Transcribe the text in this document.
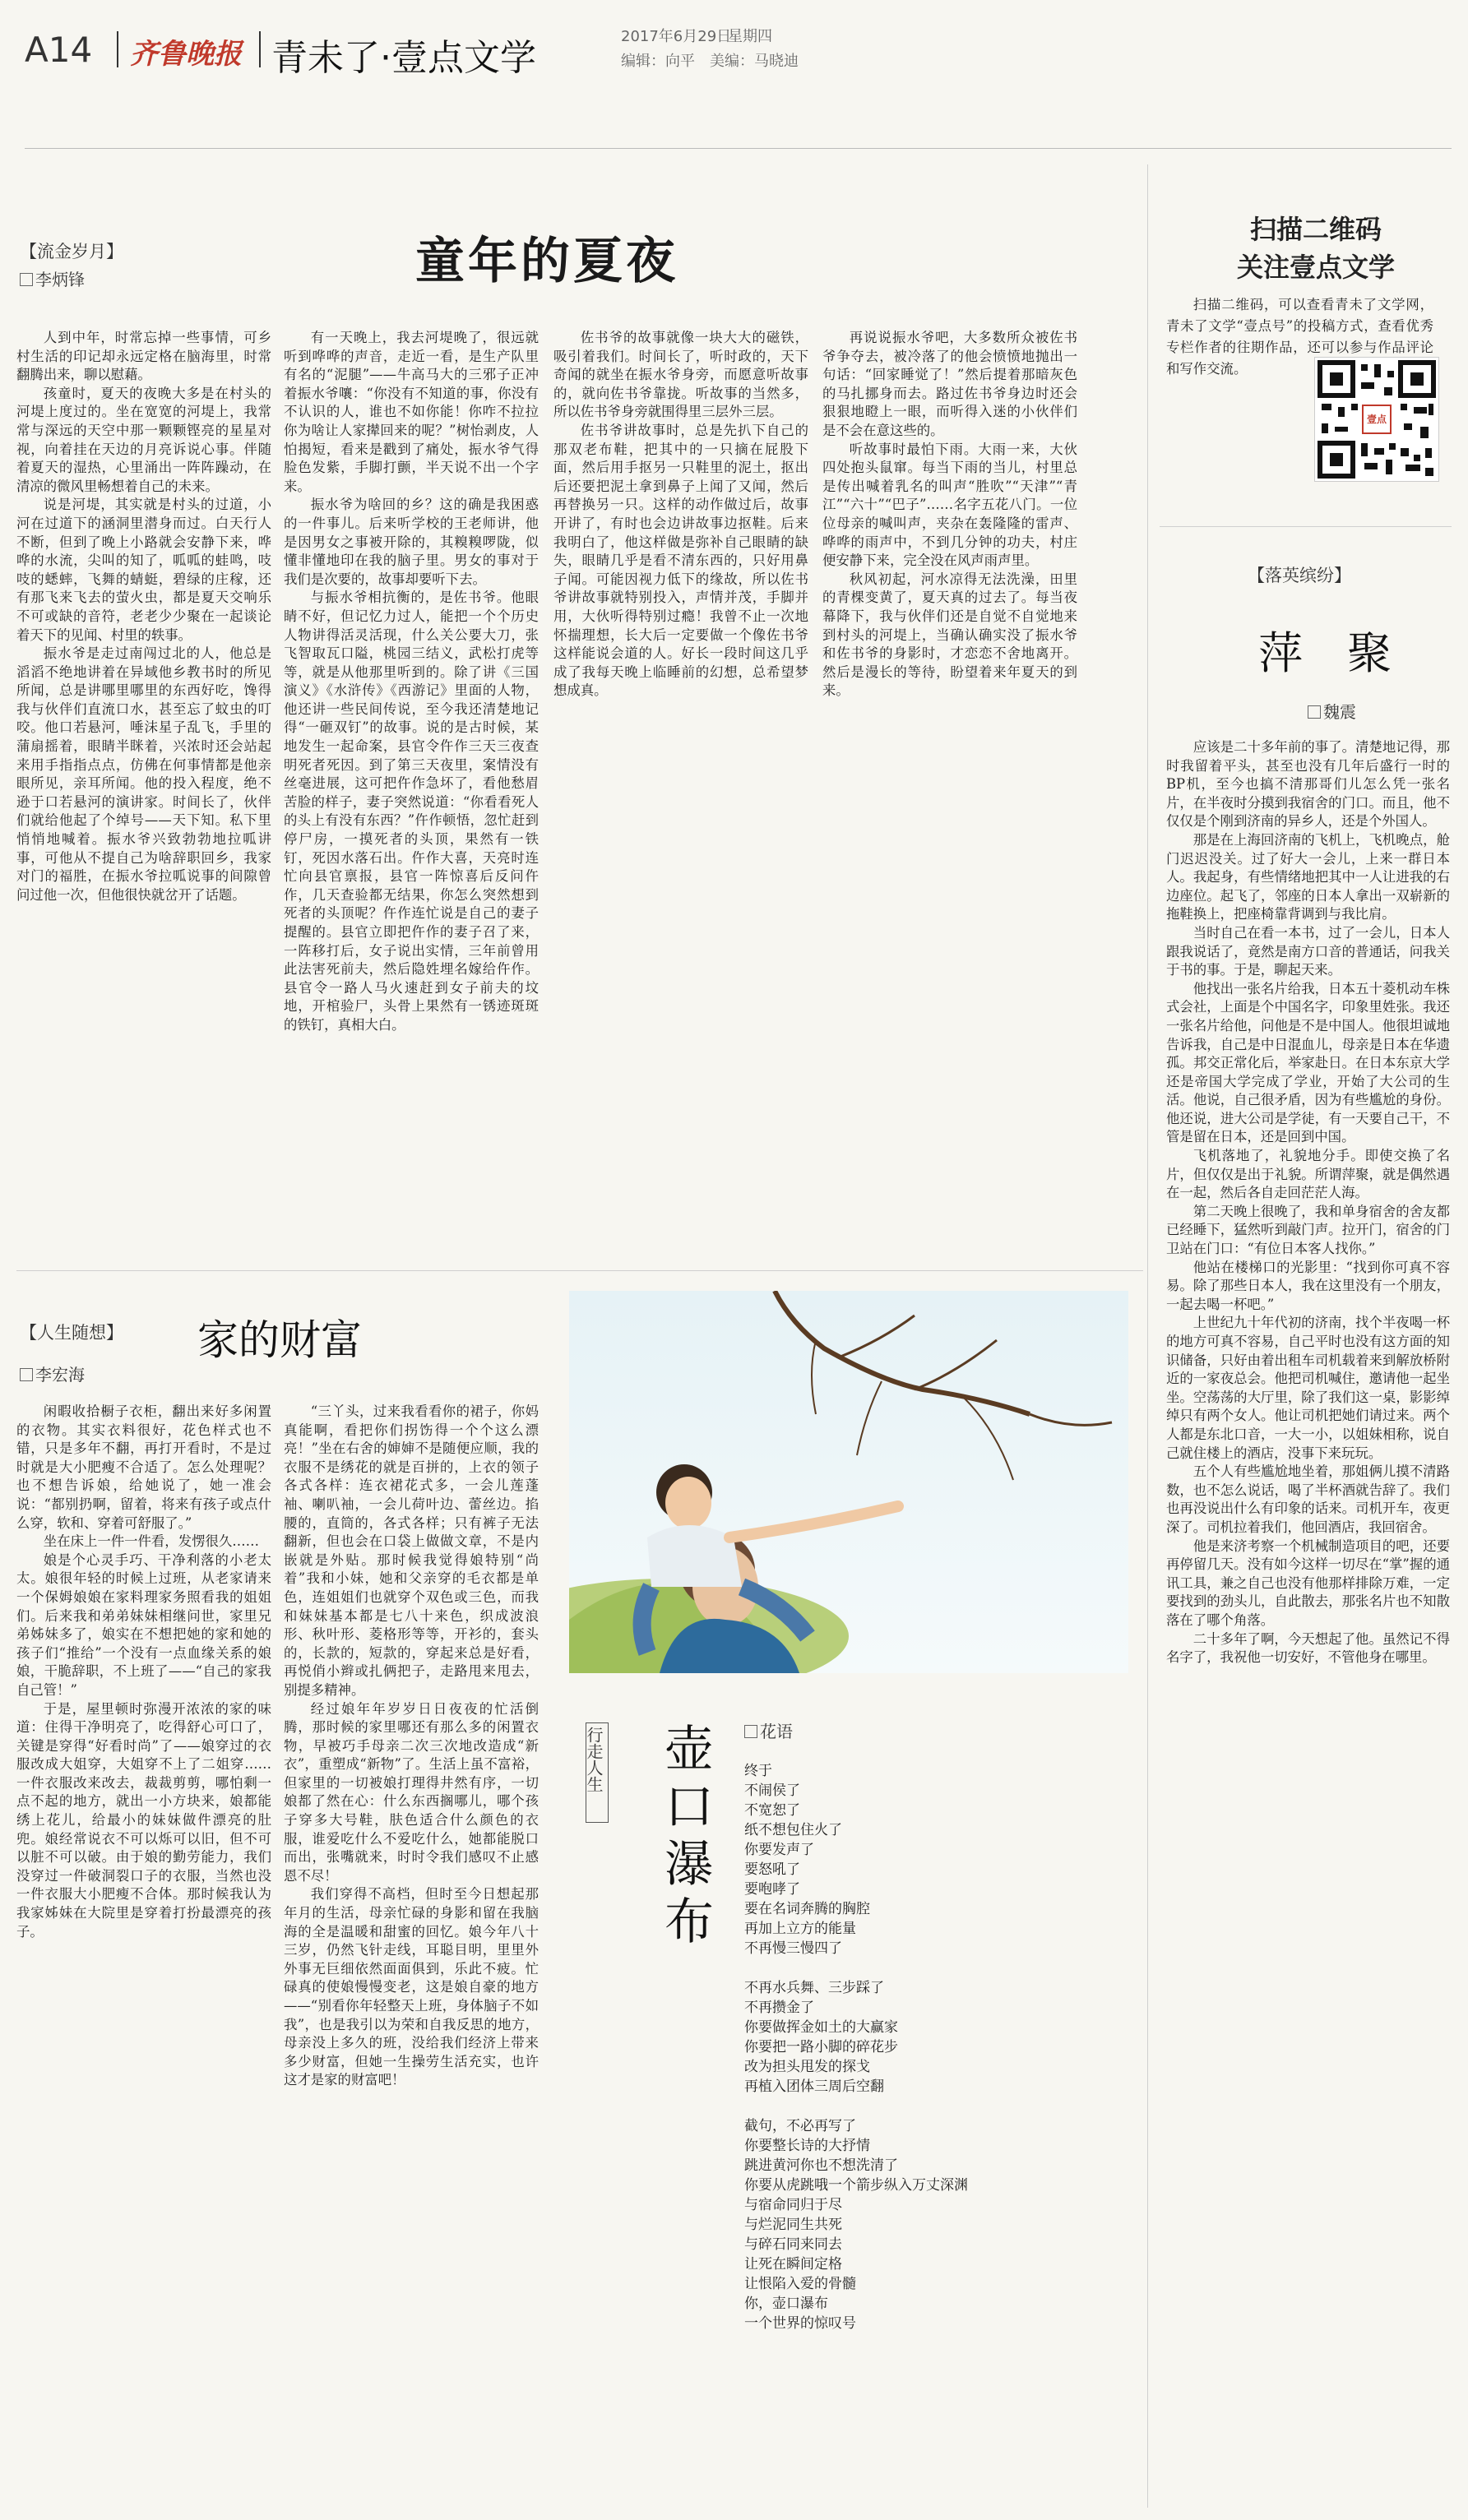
A14 齐鲁晚报 青未了·壹点文学
2017年6月29日
星期四
编辑：向平　美编：马晓迪
【流金岁月】
李炳锋	童年的夏夜

人到中年，时常忘掉一些事情，可乡村生活的印记却永远定格在脑海里，时常翻腾出来，聊以慰藉。

孩童时，夏天的夜晚大多是在村头的河堤上度过的。坐在宽宽的河堤上，我常常与深远的天空中那一颗颗铿亮的星星对视，向着挂在天边的月亮诉说心事。伴随着夏天的湿热，心里涌出一阵阵躁动，在清凉的微风里畅想着自己的未来。

说是河堤，其实就是村头的过道，小河在过道下的涵洞里潜身而过。白天行人不断，但到了晚上小路就会安静下来，哗哗的水流，尖叫的知了，呱呱的蛙鸣，吱吱的蟋蟀，飞舞的蜻蜓，碧绿的庄稼，还有那飞来飞去的萤火虫，都是夏天交响乐不可或缺的音符，老老少少聚在一起谈论着天下的见闻、村里的轶事。

振水爷是走过南闯过北的人，他总是滔滔不绝地讲着在异域他乡教书时的所见所闻，总是讲哪里哪里的东西好吃，馋得我与伙伴们直流口水，甚至忘了蚊虫的叮咬。他口若悬河，唾沫星子乱飞，手里的蒲扇摇着，眼睛半眯着，兴浓时还会站起来用手指指点点，仿佛在何事情都是他亲眼所见，亲耳所闻。他的投入程度，绝不逊于口若悬河的演讲家。时间长了，伙伴们就给他起了个绰号——天下知。私下里悄悄地喊着。振水爷兴致勃勃地拉呱讲事，可他从不提自己为啥辞职回乡，我家对门的福胜，在振水爷拉呱说事的间隙曾问过他一次，但他很快就岔开了话题。

有一天晚上，我去河堤晚了，很远就听到哗哗的声音，走近一看，是生产队里有名的“泥腿”——牛高马大的三邪子正冲着振水爷嚷：“你没有不知道的事，你没有不认识的人，谁也不如你能！你咋不拉拉你为啥让人家撵回来的呢？”树怡剥皮，人怕揭短，看来是戳到了痛处，振水爷气得脸色发紫，手脚打颤，半天说不出一个字来。

振水爷为啥回的乡？这的确是我困惑的一件事儿。后来听学校的王老师讲，他是因男女之事被开除的，其糗糗啰陇，似懂非懂地印在我的脑子里。男女的事对于我们是次要的，故事却要听下去。

与振水爷相抗衡的，是佐书爷。他眼睛不好，但记忆力过人，能把一个个历史人物讲得活灵活现，什么关公要大刀，张飞智取瓦口隘，桃园三结义，武松打虎等等，就是从他那里听到的。除了讲《三国演义》《水浒传》《西游记》里面的人物，他还讲一些民间传说，至今我还清楚地记得“一砸双钉”的故事。说的是古时候，某地发生一起命案，县官令仵作三天三夜查明死者死因。到了第三天夜里，案情没有丝毫进展，这可把仵作急坏了，看他愁眉苦脸的样子，妻子突然说道：“你看看死人的头上有没有东西？”仵作顿悟，忽忙赶到停尸房，一摸死者的头顶，果然有一铁钉，死因水落石出。仵作大喜，天亮时连忙向县官禀报，县官一阵惊喜后反问仵作，几天查验都无结果，你怎么突然想到死者的头顶呢？仵作连忙说是自己的妻子提醒的。县官立即把仵作的妻子召了来，一阵移打后，女子说出实情，三年前曾用此法害死前夫，然后隐姓埋名嫁给仵作。县官令一路人马火速赶到女子前夫的坟地，开棺验尸，头骨上果然有一锈迹斑斑的铁钉，真相大白。

佐书爷的故事就像一块大大的磁铁，吸引着我们。时间长了，听时政的，天下奇闻的就坐在振水爷身旁，而愿意听故事的，就向佐书爷靠拢。听故事的当然多，所以佐书爷身旁就围得里三层外三层。

佐书爷讲故事时，总是先扒下自己的那双老布鞋，把其中的一只摘在屁股下面，然后用手抠另一只鞋里的泥土，抠出后还要把泥土拿到鼻子上闻了又闻，然后再替换另一只。这样的动作做过后，故事开讲了，有时也会边讲故事边抠鞋。后来我明白了，他这样做是弥补自己眼睛的缺失，眼睛几乎是看不清东西的，只好用鼻子闻。可能因视力低下的缘故，所以佐书爷讲故事就特别投入，声情并茂，手脚并用，大伙听得特别过瘾！我曾不止一次地怀揣理想，长大后一定要做一个像佐书爷这样能说会道的人。好长一段时间这几乎成了我每天晚上临睡前的幻想，总希望梦想成真。

再说说振水爷吧，大多数所众被佐书爷争夺去，被冷落了的他会愤愤地抛出一句话：“回家睡觉了！”然后提着那暗灰色的马扎挪身而去。路过佐书爷身边时还会狠狠地瞪上一眼，而听得入迷的小伙伴们是不会在意这些的。

听故事时最怕下雨。大雨一来，大伙四处抱头鼠窜。每当下雨的当儿，村里总是传出喊着乳名的叫声“胜吹”“天津”“青江”“六十”“巴子”……名字五花八门。一位位母亲的喊叫声，夹杂在轰隆隆的雷声、哗哗的雨声中，不到几分钟的功夫，村庄便安静下来，完全没在风声雨声里。

秋风初起，河水凉得无法洗澡，田里的青棵变黄了，夏天真的过去了。每当夜幕降下，我与伙伴们还是自觉不自觉地来到村头的河堤上，当确认确实没了振水爷和佐书爷的身影时，才恋恋不舍地离开。然后是漫长的等待，盼望着来年夏天的到来。

扫描二维码
关注壹点文学
扫描二维码，可以查看青未了文学网，青未了文学“壹点号”的投稿方式，查看优秀专栏作者的往期作品，还可以参与作品评论和写作交流。
壹点
【落英缤纷】
萍　聚
魏震

应该是二十多年前的事了。清楚地记得，那时我留着平头，甚至也没有几年后盛行一时的BP机，至今也搞不清那哥们儿怎么凭一张名片，在半夜时分摸到我宿舍的门口。而且，他不仅仅是个刚到济南的异乡人，还是个外国人。

那是在上海回济南的飞机上，飞机晚点，舱门迟迟没关。过了好大一会儿，上来一群日本人。我起身，有些情绪地把其中一人让进我的右边座位。起飞了，邻座的日本人拿出一双崭新的拖鞋换上，把座椅靠背调到与我比肩。

当时自己在看一本书，过了一会儿，日本人跟我说话了，竟然是南方口音的普通话，问我关于书的事。于是，聊起天来。

他找出一张名片给我，日本五十菱机动车株式会社，上面是个中国名字，印象里姓张。我还一张名片给他，问他是不是中国人。他很坦诚地告诉我，自己是中日混血儿，母亲是日本在华遗孤。邦交正常化后，举家赴日。在日本东京大学还是帝国大学完成了学业，开始了大公司的生活。他说，自己很矛盾，因为有些尴尬的身份。他还说，进大公司是学徒，有一天要自己干，不管是留在日本，还是回到中国。

飞机落地了，礼貌地分手。即使交换了名片，但仅仅是出于礼貌。所谓萍聚，就是偶然遇在一起，然后各自走回茫茫人海。

第二天晚上很晚了，我和单身宿舍的舍友都已经睡下，猛然听到敲门声。拉开门，宿舍的门卫站在门口：“有位日本客人找你。”

他站在楼梯口的光影里：“找到你可真不容易。除了那些日本人，我在这里没有一个朋友，一起去喝一杯吧。”

上世纪九十年代初的济南，找个半夜喝一杯的地方可真不容易，自己平时也没有这方面的知识储备，只好由着出租车司机载着来到解放桥附近的一家夜总会。他把司机喊住，邀请他一起坐坐。空荡荡的大厅里，除了我们这一桌，影影绰绰只有两个女人。他让司机把她们请过来。两个人都是东北口音，一大一小，以姐妹相称，说自己就住楼上的酒店，没事下来玩玩。

五个人有些尴尬地坐着，那姐俩儿摸不清路数，也不怎么说话，喝了半杯酒就告辞了。我们也再没说出什么有印象的话来。司机开车，夜更深了。司机拉着我们，他回酒店，我回宿舍。

他是来济考察一个机械制造项目的吧，还要再停留几天。没有如今这样一切尽在“掌”握的通讯工具，兼之自己也没有他那样排除万难，一定要找到的劲头儿，自此散去，那张名片也不知散落在了哪个角落。

二十多年了啊，今天想起了他。虽然记不得名字了，我祝他一切安好，不管他身在哪里。

【人生随想】 家的财富
李宏海

闲暇收拾橱子衣柜，翻出来好多闲置的衣物。其实衣料很好，花色样式也不错，只是多年不翻，再打开看时，不是过时就是大小肥瘦不合适了。怎么处理呢？也不想告诉娘，给她说了，她一准会说：“都别扔啊，留着，将来有孩子或点什么穿，软和、穿着可舒服了。”

坐在床上一件一件看，发愣很久……

娘是个心灵手巧、干净利落的小老太太。娘很年轻的时候上过班，从老家请来一个保姆娘娘在家料理家务照看我的姐姐们。后来我和弟弟妹妹相继问世，家里兄弟姊妹多了，娘实在不想把她的家和她的孩子们“推给”一个没有一点血缘关系的娘娘，干脆辞职，不上班了——“自己的家我自己管！”

于是，屋里顿时弥漫开浓浓的家的味道：住得干净明亮了，吃得舒心可口了，关键是穿得“好看时尚”了——娘穿过的衣服改成大姐穿，大姐穿不上了二姐穿……一件衣服改来改去，裁裁剪剪，哪怕剩一点不起的地方，就出一小方块来，娘都能绣上花儿，给最小的妹妹做件漂亮的肚兜。娘经常说衣不可以烁可以旧，但不可以脏不可以破。由于娘的勤劳能力，我们没穿过一件破洞裂口子的衣服，当然也没一件衣服大小肥瘦不合体。那时候我认为我家姊妹在大院里是穿着打扮最漂亮的孩子。

“三丫头，过来我看看你的裙子，你妈真能啊，看把你们拐饬得一个个这么漂亮！”坐在右舍的婶婶不是随便应顺，我的衣服不是绣花的就是百拼的，上衣的领子各式各样：连衣裙花式多，一会儿莲蓬袖、喇叭袖，一会儿荷叶边、蕾丝边。掐腰的，直筒的，各式各样；只有裤子无法翻新，但也会在口袋上做做文章，不是内嵌就是外贴。那时候我觉得娘特别“尚着”我和小妹，她和父亲穿的毛衣都是单色，连姐姐们也就穿个双色或三色，而我和妹妹基本都是七八十来色，织成波浪形、秋叶形、菱格形等等，开衫的，套头的，长款的，短款的，穿起来总是好看，再悦俏小辫或扎俩把子，走路甩来甩去，别提多精神。

经过娘年年岁岁日日夜夜的忙活倒腾，那时候的家里哪还有那么多的闲置衣物，早被巧手母亲二次三次地改造成“新衣”，重塑成“新物”了。生活上虽不富裕，但家里的一切被娘打理得井然有序，一切娘都了然在心：什么东西搁哪儿，哪个孩子穿多大号鞋，肤色适合什么颜色的衣服，谁爱吃什么不爱吃什么，她都能脱口而出，张嘴就来，时时令我们感叹不止感恩不尽！

我们穿得不高档，但时至今日想起那年月的生活，母亲忙碌的身影和留在我脑海的全是温暖和甜蜜的回忆。娘今年八十三岁，仍然飞针走线，耳聪目明，里里外外事无巨细依然面面俱到，乐此不疲。忙碌真的使娘慢慢变老，这是娘自豪的地方——“别看你年轻整天上班，身体脑子不如我”，也是我引以为荣和自我反思的地方，母亲没上多久的班，没给我们经济上带来多少财富，但她一生操劳生活充实，也许这才是家的财富吧！

行走人生 壶口瀑布	花语
终于
不闹侯了
不宽恕了
纸不想包住火了
你要发声了
要怒吼了
要咆哮了
要在名词奔腾的胸腔
再加上立方的能量
不再慢三慢四了
不再水兵舞、三步踩了
不再攒金了
你要做挥金如土的大赢家
你要把一路小脚的碎花步
改为担头甩发的探戈
再植入团体三周后空翻
截句，不必再写了
你要整长诗的大抒情
跳进黄河你也不想洗清了
你要从虎跳哦一个箭步纵入万丈深渊
与宿命同归于尽
与烂泥同生共死
与碎石同来同去
让死在瞬间定格
让恨陷入爱的骨髓
你，壶口瀑布
一个世界的惊叹号
